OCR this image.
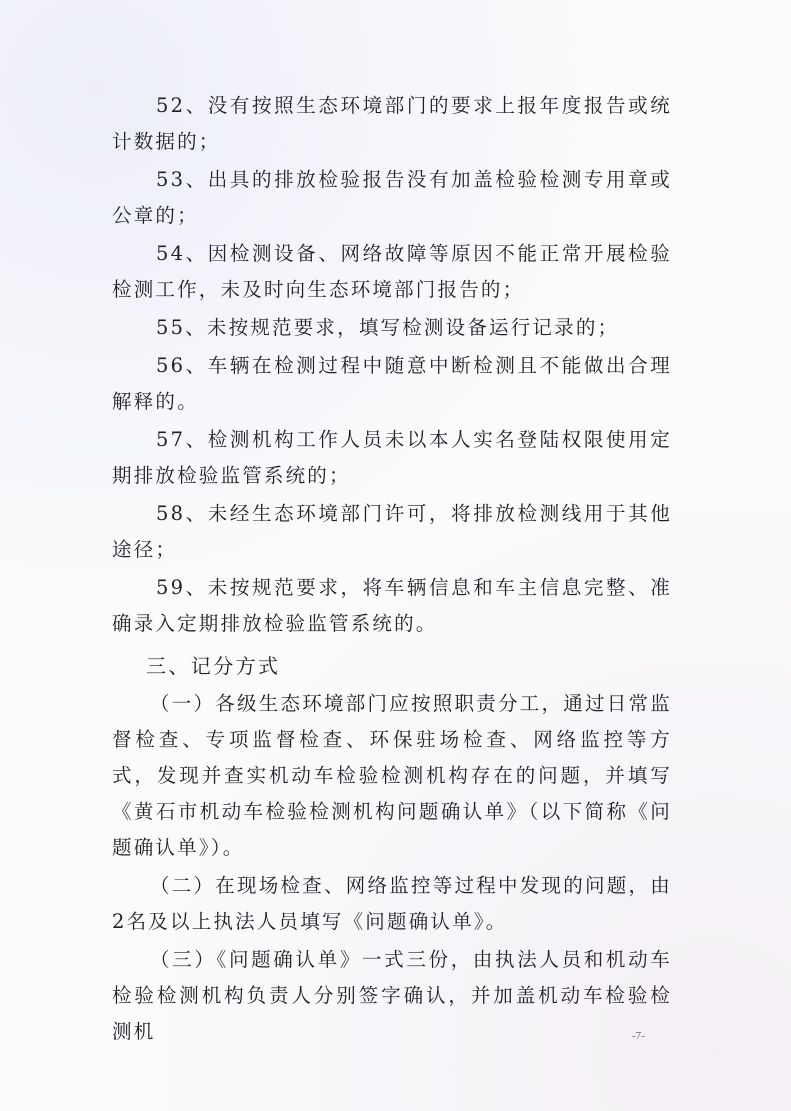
52、没有按照生态环境部门的要求上报年度报告或统计数据的；

53、出具的排放检验报告没有加盖检验检测专用章或公章的；

54、因检测设备、网络故障等原因不能正常开展检验检测工作，未及时向生态环境部门报告的；

55、未按规范要求，填写检测设备运行记录的；

56、车辆在检测过程中随意中断检测且不能做出合理解释的。

57、检测机构工作人员未以本人实名登陆权限使用定期排放检验监管系统的；

58、未经生态环境部门许可，将排放检测线用于其他途径；

59、未按规范要求，将车辆信息和车主信息完整、准确录入定期排放检验监管系统的。

三、记分方式

（一）各级生态环境部门应按照职责分工，通过日常监督检查、专项监督检查、环保驻场检查、网络监控等方式，发现并查实机动车检验检测机构存在的问题，并填写《黄石市机动车检验检测机构问题确认单》（以下简称《问题确认单》）。

（二）在现场检查、网络监控等过程中发现的问题，由2名及以上执法人员填写《问题确认单》。

（三）《问题确认单》一式三份，由执法人员和机动车检验检测机构负责人分别签字确认，并加盖机动车检验检测机	-7-
